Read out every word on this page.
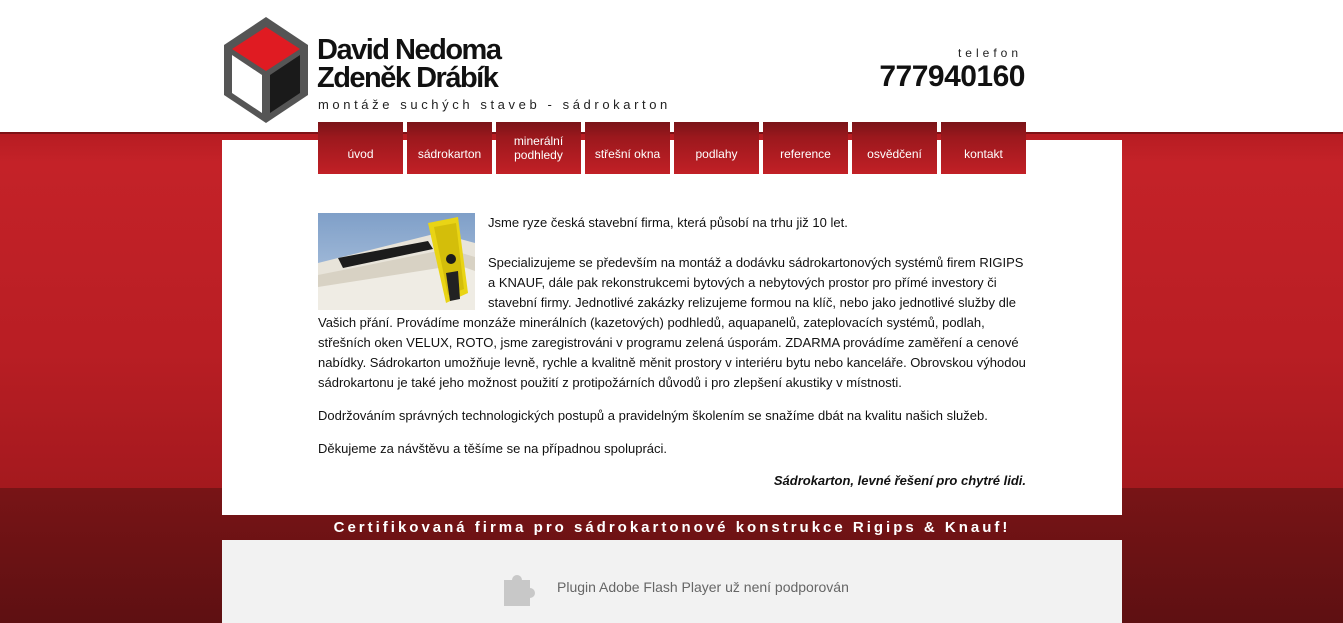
David Nedoma
Zdeněk Drábík
montáže suchých staveb - sádrokarton
telefon
777940160
úvod	sádrokarton
minerální
podhledy	střešní okna	podlahy	reference	osvědčení	kontakt

Jsme ryze česká stavební firma, která působí na trhu již 10 let.

Specializujeme se především na montáž a dodávku sádrokartonových systémů firem RIGIPS a KNAUF, dále pak rekonstrukcemi bytových a nebytových prostor pro přímé investory či stavební firmy. Jednotlivé zakázky relizujeme formou na klíč, nebo jako jednotlivé služby dle Vašich přání. Provádíme monzáže minerálních (kazetových) podhledů, aquapanelů, zateplovacích systémů, podlah, střešních oken VELUX, ROTO, jsme zaregistrováni v programu zelená úsporám. ZDARMA provádíme zaměření a cenové nabídky. Sádrokarton umožňuje levně, rychle a kvalitně měnit prostory v interiéru bytu nebo kanceláře. Obrovskou výhodou sádrokartonu je také jeho možnost použití z protipožárních důvodů i pro zlepšení akustiky v místnosti.

Dodržováním správných technologických postupů a pravidelným školením se snažíme dbát na kvalitu našich služeb.

Děkujeme za návštěvu a těšíme se na případnou spolupráci.

Sádrokarton, levné řešení pro chytré lidi.
Certifikovaná firma pro sádrokartonové konstrukce Rigips & Knauf!
Plugin Adobe Flash Player už není podporován
